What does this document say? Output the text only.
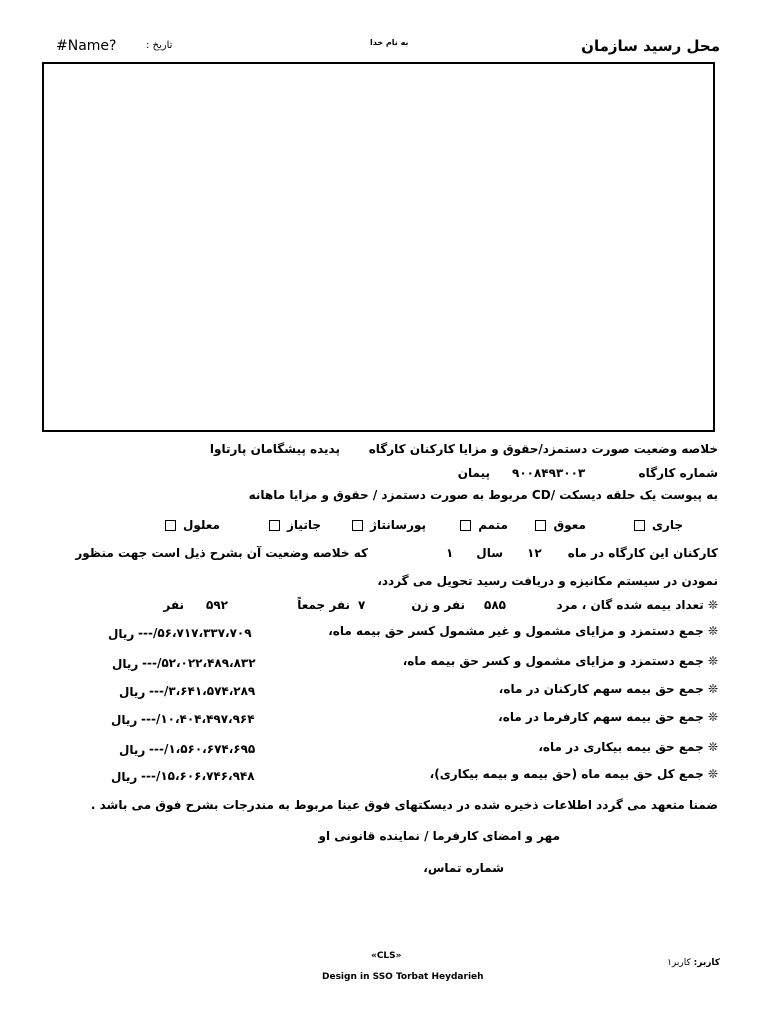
محل رسید سازمان
به نام خدا
تاریخ :
#Name?
خلاصه وضعیت صورت دستمزد/حقوق و مزایا کارکنان کارگاه
پدیده پیشگامان پارتاوا
شماره کارگاه
۹۰۰۸۴۹۳۰۰۳
پیمان
به پیوست یک حلقه دیسکت /CD مربوط به صورت دستمزد / حقوق و مزایا ماهانه
جاری
معوق
متمم
پورسانتاژ
جاتیاز
معلول
کارکنان این کارگاه در ماه
۱۲
سال
۱
که خلاصه وضعیت آن بشرح ذیل است جهت منظور
نمودن در سیستم مکانیزه و دریافت رسید تحویل می گردد،
❊ تعداد بیمه شده گان ، مرد
۵۸۵
نفر و زن
۷
نفر جمعاً
۵۹۲
نفر
❊ جمع دستمزد و مزایای مشمول و غیر مشمول کسر حق بیمه ماه،
---/۵۶،۷۱۷،۳۳۷،۷۰۹
ریال
❊ جمع دستمزد و مزایای مشمول و کسر حق بیمه ماه،
---/۵۲،۰۲۲،۴۸۹،۸۳۲
ریال
❊ جمع حق بیمه سهم کارکنان در ماه،
---/۳،۶۴۱،۵۷۴،۲۸۹
ریال
❊ جمع حق بیمه سهم کارفرما در ماه،
---/۱۰،۴۰۴،۴۹۷،۹۶۴
ریال
❊ جمع حق بیمه بیکاری در ماه،
---/۱،۵۶۰،۶۷۴،۶۹۵
ریال
❊ جمع کل حق بیمه ماه (حق بیمه و بیمه بیکاری)،
---/۱۵،۶۰۶،۷۴۶،۹۴۸
ریال
ضمنا متعهد می گردد اطلاعات ذخیره شده در دیسکتهای فوق عینا مربوط به مندرجات بشرح فوق می باشد .
مهر و امضای کارفرما / نماینده قانونی او
شماره تماس،
«CLS»
Design in SSO Torbat Heydarieh
کاربر: کاربر۱
